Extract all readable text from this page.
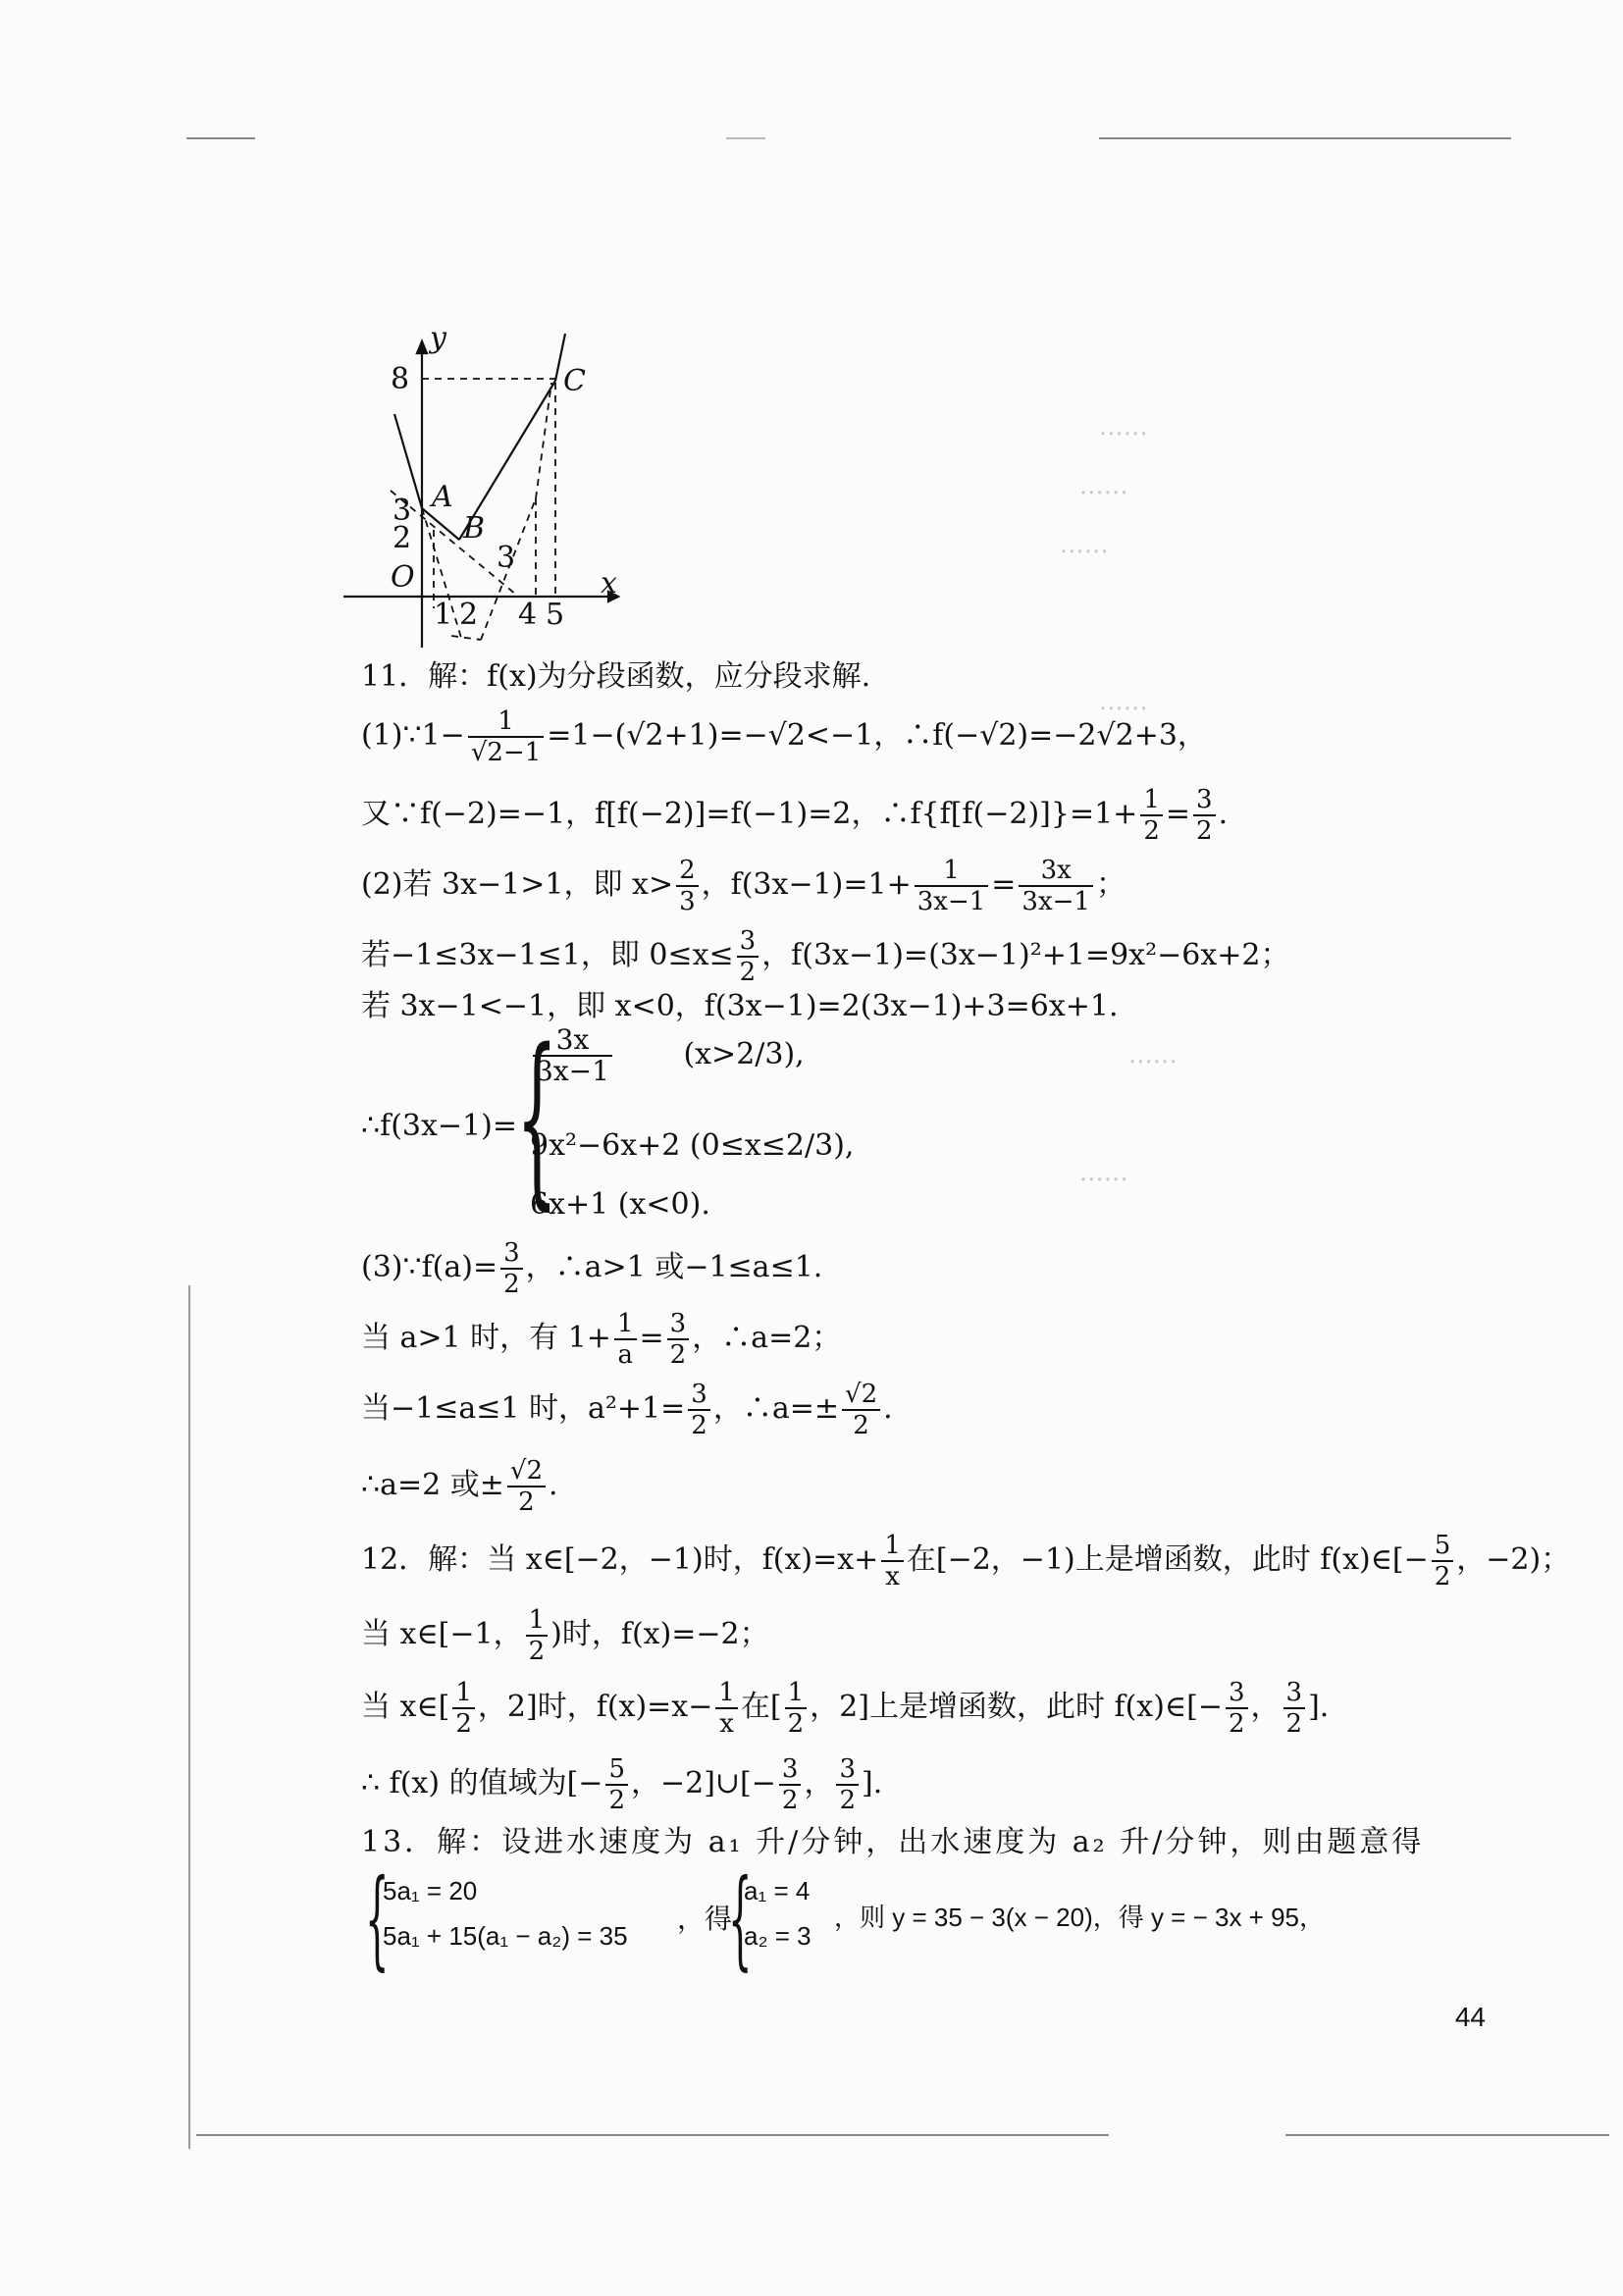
......
......
......
......
......
......
y
x
O
8
3
2
1 2 4 5
A
B
C
3
11．解：f(x)为分段函数，应分段求解.
(1)∵1− $\frac{1}{√2-1} =1-(√2+1)=-√2<-1$，∴f(−√2)=−2√2+3，
又∵f(−2)=−1，f[f(−2)]=f(−1)=2，∴f{f[f(−2)]}=1+ $\frac{1}{2} = \frac{3}{2}$ .
(2)若 3x−1>1，即 $x> \frac{2}{3}$ ，$f(3x-1)=1+ \frac{1}{3x-1} = \frac{3x}{3x-1}$ ；
若−1≤3x−1≤1，即 $0\le x\le \frac{3}{2}$ ，f(3x−1)=(3x−1)²+1=9x²−6x+2；
若 3x−1<−1，即 x<0，f(3x−1)=2(3x−1)+3=6x+1.
∴f(3x−1)= {
$\frac{3x}{3x-1} (x>2/3)$,
9x²−6x+2 (0≤x≤2/3),
6x+1 (x<0).
(3)∵f(a)= $\frac{3}{2}$ ，∴a>1 或−1≤a≤1.
当 a>1 时，有 $1+ \frac{1}{a} = \frac{3}{2}$ ，∴a=2；
当−1≤a≤1 时，$a^2+1= \frac{3}{2}$ ，∴a=± $\frac{√2}{2}$ .
∴a=2 或± $\frac{√2}{2}$ .
12．解：当 x∈[−2，−1)时，$f(x)=x+ \frac{1}{x}$ 在[−2，−1)上是增函数，此时 f(x)∈[− $\frac{5}{2}$ ，−2)；
当 x∈[−1， $\frac{1}{2}$ )时，f(x)=−2；
当 x∈[ $\frac{1}{2}$ ，2]时，$f(x)=x- \frac{1}{x}$ 在[ $\frac{1}{2}$ ，2]上是增函数，此时 f(x)∈[− $\frac{3}{2}$ ， $\frac{3}{2}$ ].
∴ f(x) 的值域为[− $\frac{5}{2}$ ，−2]∪[− $\frac{3}{2}$ ， $\frac{3}{2}$ ].
13．解：设进水速度为 a₁ 升/分钟，出水速度为 a₂ 升/分钟，则由题意得
{
5a₁ = 20
5a₁ + 15(a₁ − a₂) = 35
，得
{
a₁ = 4
a₂ = 3
，则 y = 35 − 3(x − 20)，得 y = − 3x + 95，
44
